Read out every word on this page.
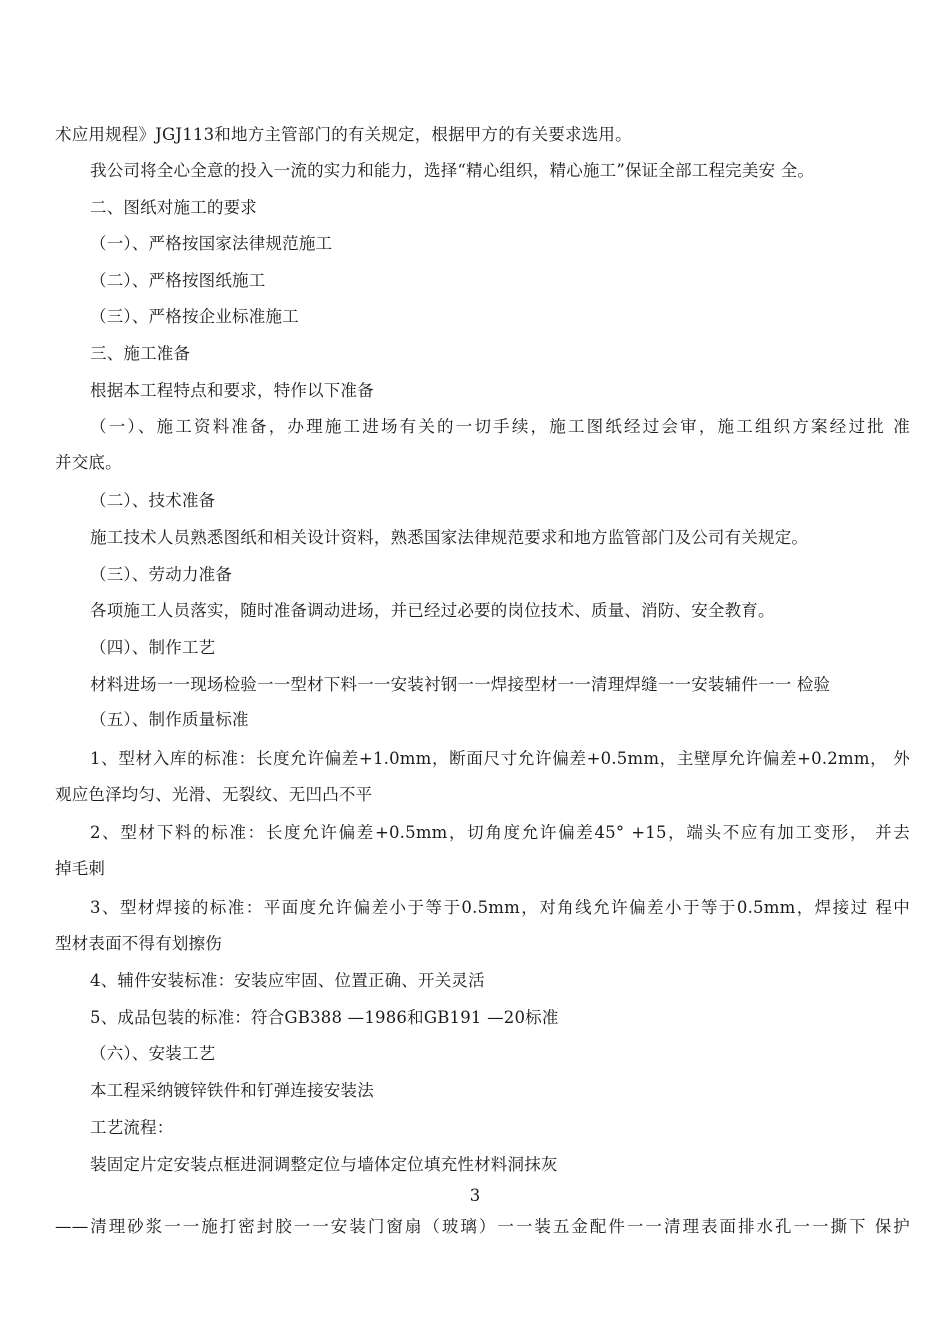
术应用规程》JGJ113和地方主管部门的有关规定，根据甲方的有关要求选用。
我公司将全心全意的投入一流的实力和能力，选择“精心组织，精心施工”保证全部工程完美安 全。
二、图纸对施工的要求
（一）、严格按国家法律规范施工
（二）、严格按图纸施工
（三）、严格按企业标准施工
三、施工准备
根据本工程特点和要求，特作以下准备
（一）、施工资料准备，办理施工进场有关的一切手续，施工图纸经过会审，施工组织方案经过批 准
并交底。
（二）、技术准备
施工技术人员熟悉图纸和相关设计资料，熟悉国家法律规范要求和地方监管部门及公司有关规定。
（三）、劳动力准备
各项施工人员落实，随时准备调动进场，并已经过必要的岗位技术、质量、消防、安全教育。
（四）、制作工艺
材料进场一一现场检验一一型材下料一一安装衬钢一一焊接型材一一清理焊缝一一安装辅件一一 检验
（五）、制作质量标准
1、型材入库的标准：长度允许偏差+1.0mm，断面尺寸允许偏差+0.5mm，主壁厚允许偏差+0.2mm， 外
观应色泽均匀、光滑、无裂纹、无凹凸不平
2、型材下料的标准：长度允许偏差+0.5mm，切角度允许偏差45° +15，端头不应有加工变形， 并去
掉毛刺
3、型材焊接的标准：平面度允许偏差小于等于0.5mm，对角线允许偏差小于等于0.5mm，焊接过 程中
型材表面不得有划擦伤
4、辅件安装标准：安装应牢固、位置正确、开关灵活
5、成品包装的标准：符合GB388 —1986和GB191 —20标准
（六）、安装工艺
本工程采纳镀锌铁件和钉弹连接安装法
工艺流程：
装固定片定安装点框进洞调整定位与墙体定位填充性材料洞抹灰
3
——清理砂浆一一施打密封胶一一安装门窗扇（玻璃）一一装五金配件一一清理表面排水孔一一撕下 保护
